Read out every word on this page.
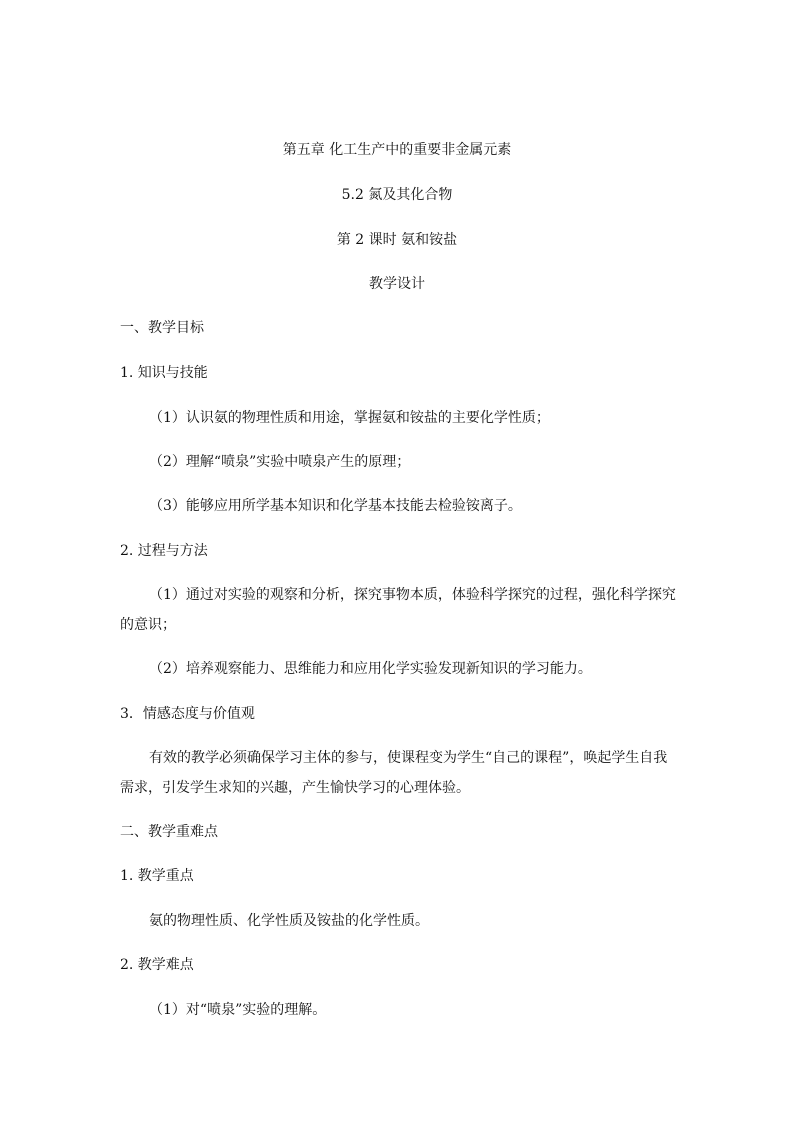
第五章 化工生产中的重要非金属元素
5.2 氮及其化合物
第 2 课时 氨和铵盐
教学设计
一、教学目标
1. 知识与技能
（1）认识氨的物理性质和用途，掌握氨和铵盐的主要化学性质；
（2）理解“喷泉”实验中喷泉产生的原理；
（3）能够应用所学基本知识和化学基本技能去检验铵离子。
2. 过程与方法
（1）通过对实验的观察和分析，探究事物本质，体验科学探究的过程，强化科学探究
的意识；
（2）培养观察能力、思维能力和应用化学实验发现新知识的学习能力。
3．情感态度与价值观
有效的教学必须确保学习主体的参与，使课程变为学生“自己的课程”，唤起学生自我
需求，引发学生求知的兴趣，产生愉快学习的心理体验。
二、教学重难点
1. 教学重点
氨的物理性质、化学性质及铵盐的化学性质。
2. 教学难点
（1）对“喷泉”实验的理解。
